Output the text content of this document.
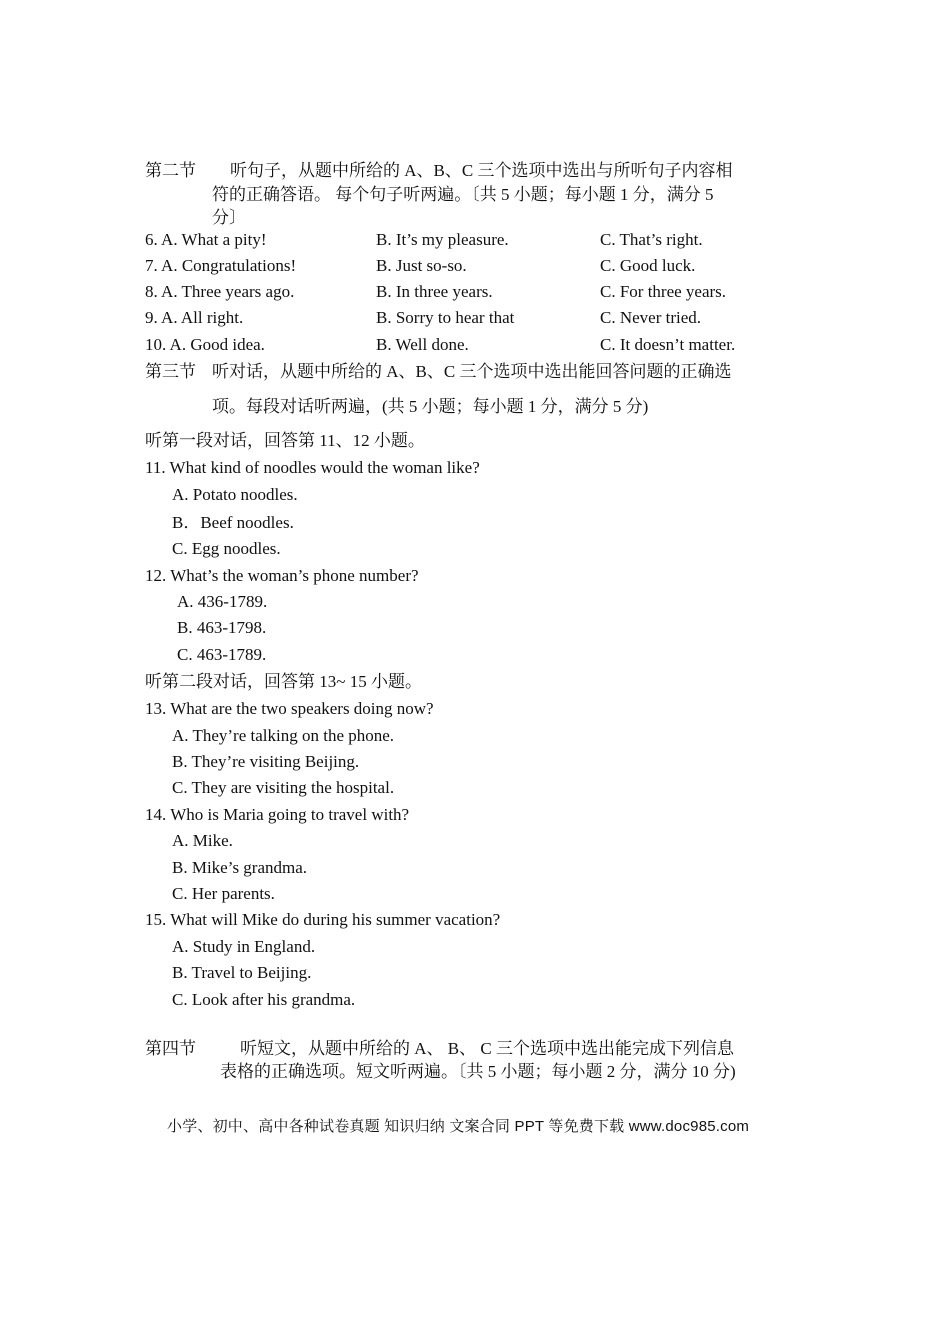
第二节 听句子，从题中所给的 A、B、C 三个选项中选出与所听句子内容相
符的正确答语。 每个句子听两遍。〔共 5 小题；每小题 1 分，满分 5
分〕
6. A. What a pity!	B. It’s my pleasure.	C. That’s right.
7. A. Congratulations!	B. Just so-so.	C. Good luck.
8. A. Three years ago.	B. In three years.	C. For three years.
9. A. All right.	B. Sorry to hear that	C. Never tried.
10. A. Good idea.	B. Well done.	C. It doesn’t matter.
第三节 听对话，从题中所给的 A、B、C 三个选项中选出能回答问题的正确选
项。每段对话听两遍，(共 5 小题；每小题 1 分，满分 5 分)
听第一段对话，回答第 11、12 小题。
11. What kind of noodles would the woman like?
A. Potato noodles.
B．Beef noodles.
C. Egg noodles.
12. What’s the woman’s phone number?
A. 436-1789.
B. 463-1798.
C. 463-1789.
听第二段对话，回答第 13~ 15 小题。
13. What are the two speakers doing now?
A. They’re talking on the phone.
B. They’re visiting Beijing.
C. They are visiting the hospital.
14. Who is Maria going to travel with?
A. Mike.
B. Mike’s grandma.
C. Her parents.
15. What will Mike do during his summer vacation?
A. Study in England.
B. Travel to Beijing.
C. Look after his grandma.
第四节	听短文，从题中所给的 A、 B、 C 三个选项中选出能完成下列信息
表格的正确选项。短文听两遍。〔共 5 小题；每小题 2 分，满分 10 分)
小学、初中、高中各种试卷真题 知识归纳 文案合同 PPT 等免费下载 www.doc985.com
